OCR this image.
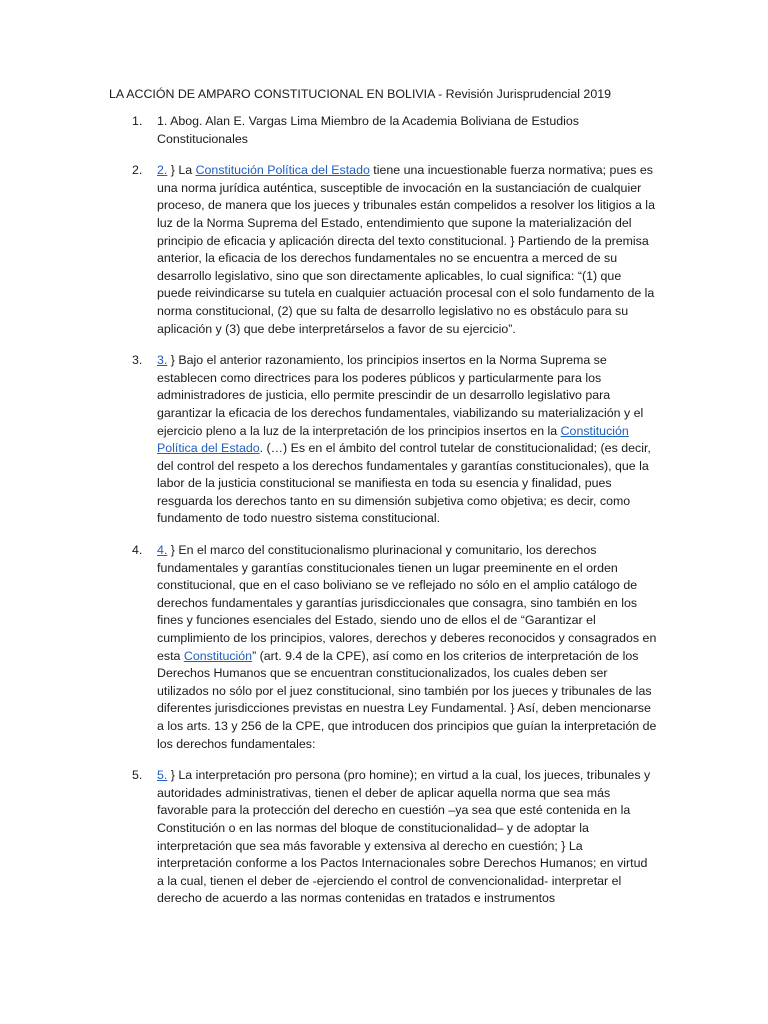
LA ACCIÓN DE AMPARO CONSTITUCIONAL EN BOLIVIA - Revisión Jurisprudencial 2019
1.	1. Abog. Alan E. Vargas Lima Miembro de la Academia Boliviana de Estudios Constitucionales
2.	2. } La Constitución Política del Estado tiene una incuestionable fuerza normativa; pues es una norma jurídica auténtica, susceptible de invocación en la sustanciación de cualquier proceso, de manera que los jueces y tribunales están compelidos a resolver los litigios a la luz de la Norma Suprema del Estado, entendimiento que supone la materialización del principio de eficacia y aplicación directa del texto constitucional. } Partiendo de la premisa anterior, la eficacia de los derechos fundamentales no se encuentra a merced de su desarrollo legislativo, sino que son directamente aplicables, lo cual significa: “(1) que puede reivindicarse su tutela en cualquier actuación procesal con el solo fundamento de la norma constitucional, (2) que su falta de desarrollo legislativo no es obstáculo para su aplicación y (3) que debe interpretárselos a favor de su ejercicio”.
3.	3. } Bajo el anterior razonamiento, los principios insertos en la Norma Suprema se establecen como directrices para los poderes públicos y particularmente para los administradores de justicia, ello permite prescindir de un desarrollo legislativo para garantizar la eficacia de los derechos fundamentales, viabilizando su materialización y el ejercicio pleno a la luz de la interpretación de los principios insertos en la Constitución Política del Estado. (…) Es en el ámbito del control tutelar de constitucionalidad; (es decir, del control del respeto a los derechos fundamentales y garantías constitucionales), que la labor de la justicia constitucional se manifiesta en toda su esencia y finalidad, pues resguarda los derechos tanto en su dimensión subjetiva como objetiva; es decir, como fundamento de todo nuestro sistema constitucional.
4.	4. } En el marco del constitucionalismo plurinacional y comunitario, los derechos fundamentales y garantías constitucionales tienen un lugar preeminente en el orden constitucional, que en el caso boliviano se ve reflejado no sólo en el amplio catálogo de derechos fundamentales y garantías jurisdiccionales que consagra, sino también en los fines y funciones esenciales del Estado, siendo uno de ellos el de “Garantizar el cumplimiento de los principios, valores, derechos y deberes reconocidos y consagrados en esta Constitución” (art. 9.4 de la CPE), así como en los criterios de interpretación de los Derechos Humanos que se encuentran constitucionalizados, los cuales deben ser utilizados no sólo por el juez constitucional, sino también por los jueces y tribunales de las diferentes jurisdicciones previstas en nuestra Ley Fundamental. } Así, deben mencionarse a los arts. 13 y 256 de la CPE, que introducen dos principios que guían la interpretación de los derechos fundamentales:
5.	5. } La interpretación pro persona (pro homine); en virtud a la cual, los jueces, tribunales y autoridades administrativas, tienen el deber de aplicar aquella norma que sea más favorable para la protección del derecho en cuestión –ya sea que esté contenida en la Constitución o en las normas del bloque de constitucionalidad– y de adoptar la interpretación que sea más favorable y extensiva al derecho en cuestión; } La interpretación conforme a los Pactos Internacionales sobre Derechos Humanos; en virtud a la cual, tienen el deber de -ejerciendo el control de convencionalidad- interpretar el derecho de acuerdo a las normas contenidas en tratados e instrumentos
